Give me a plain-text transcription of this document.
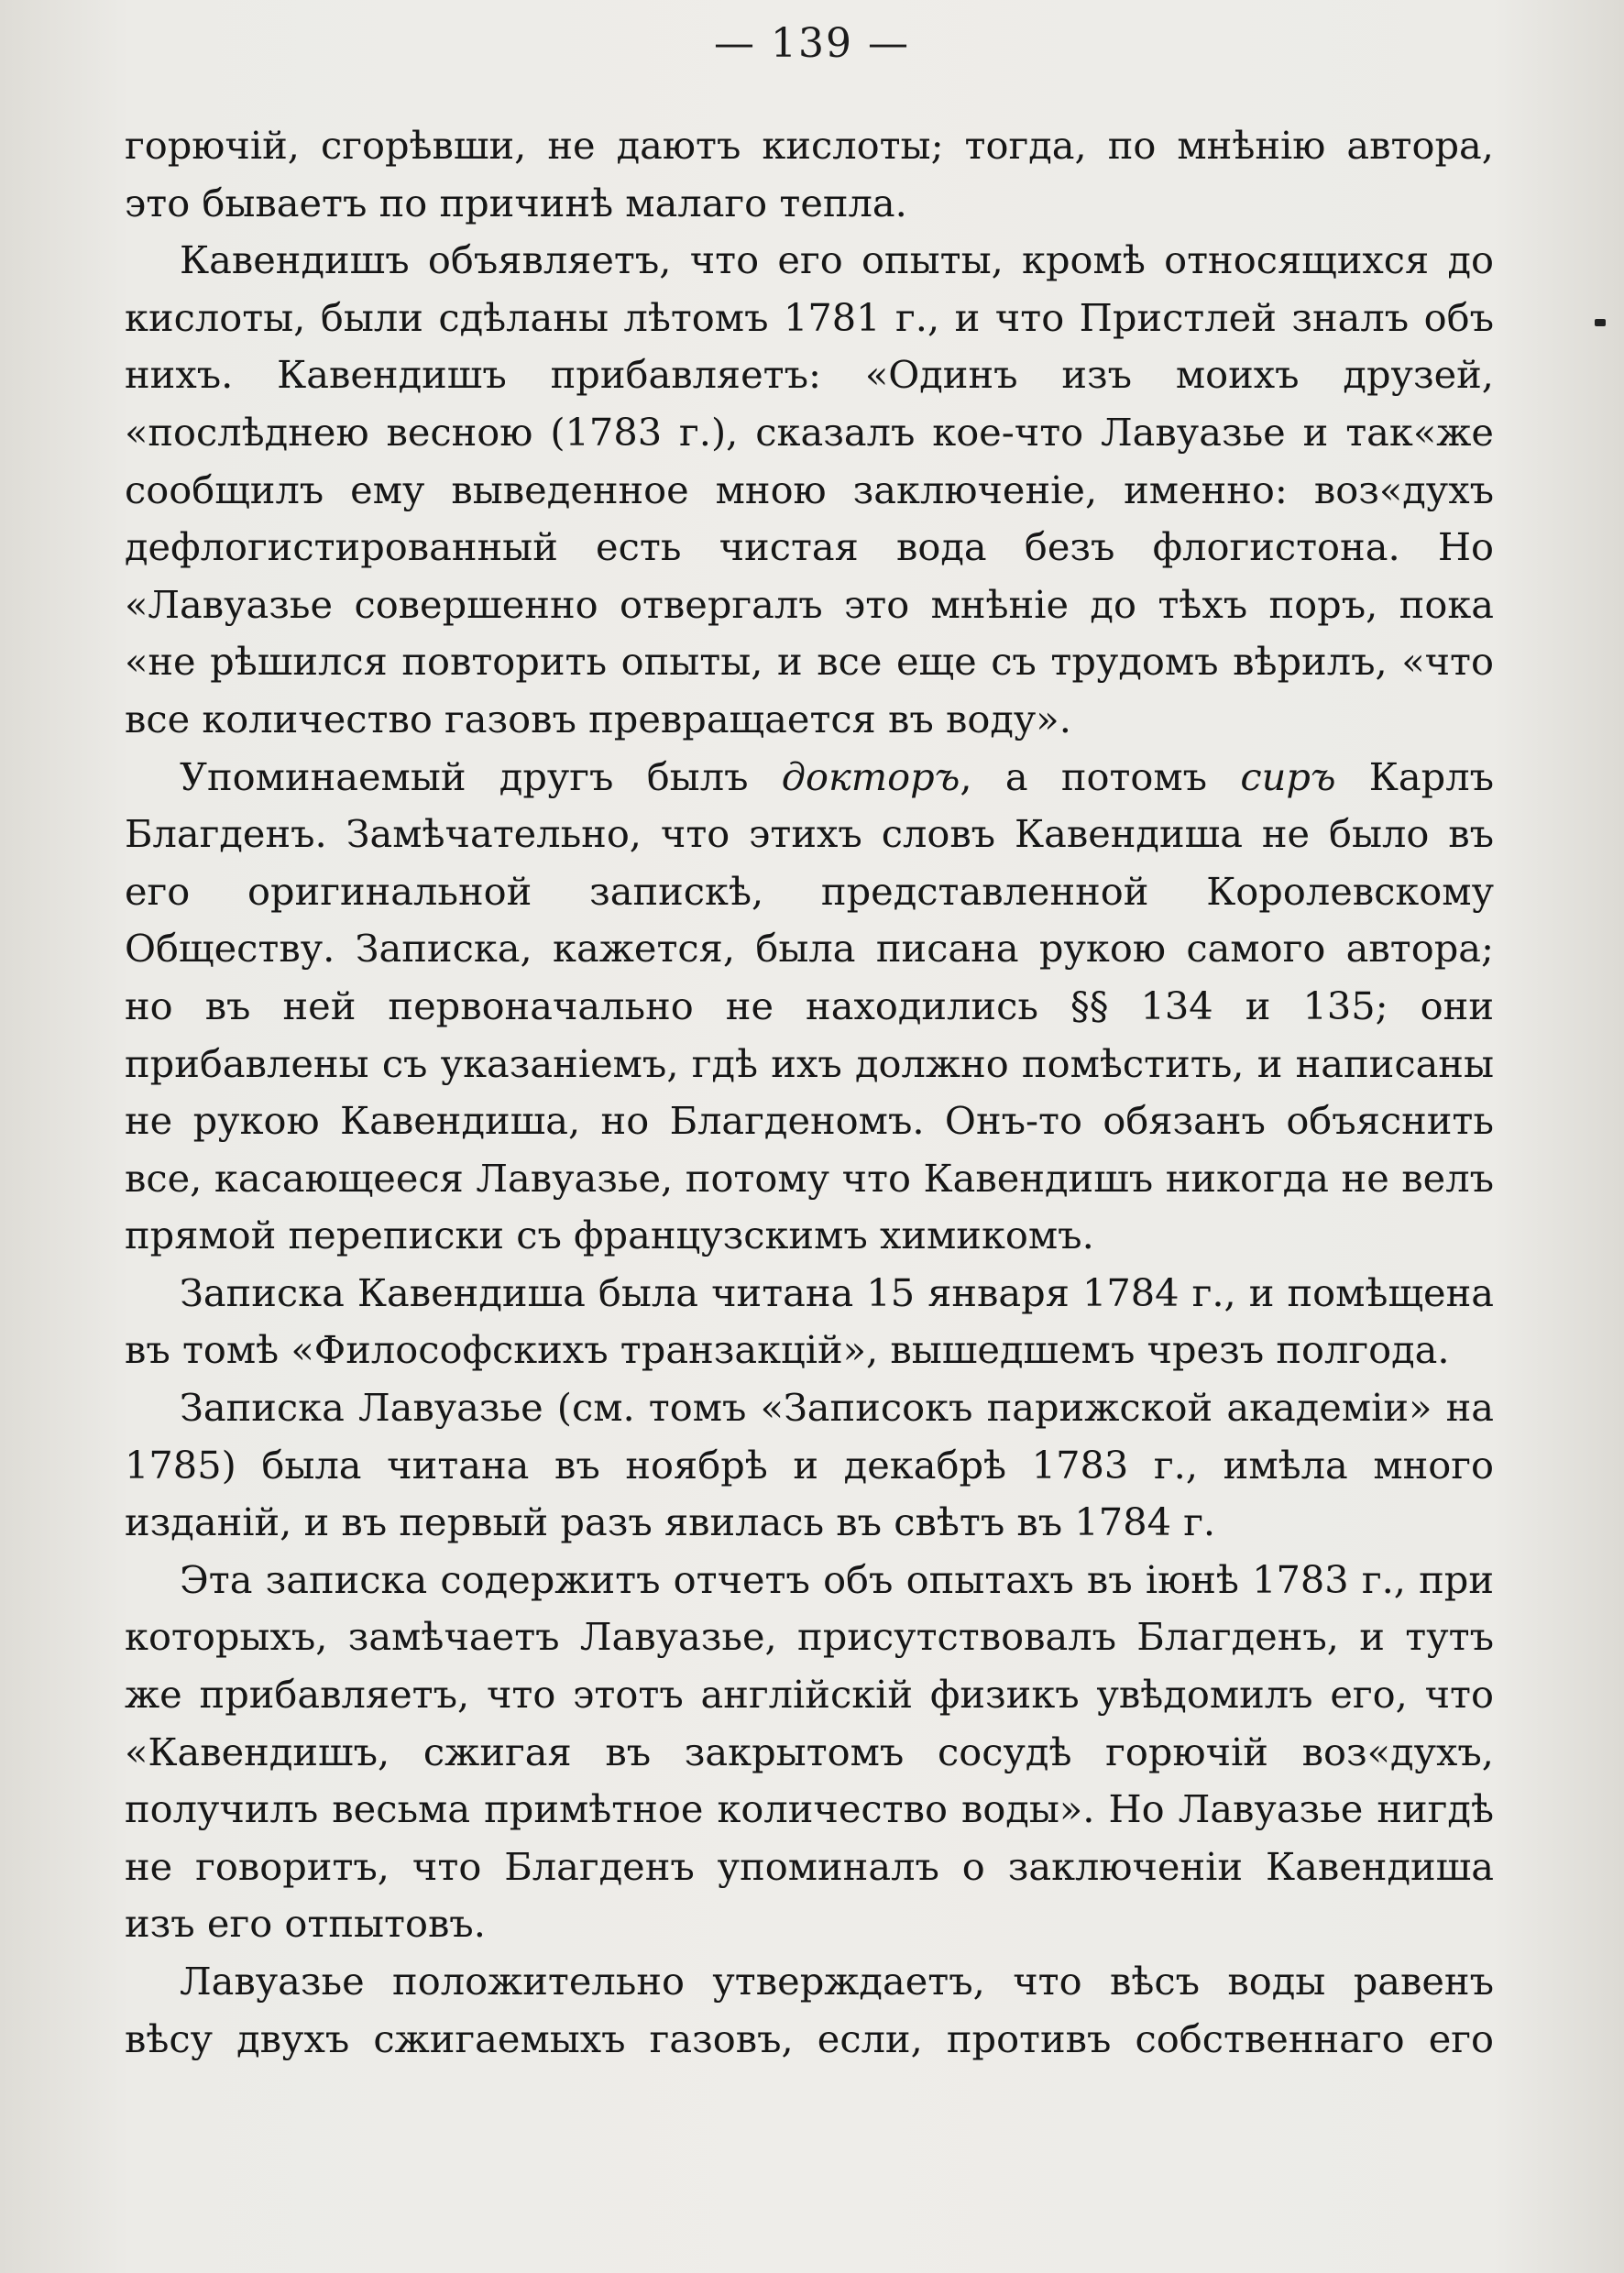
— 139 —

горючій, сгорѣвши, не даютъ кислоты; тогда, по мнѣнію автора, это бываетъ по причинѣ малаго тепла.

Кавендишъ объявляетъ, что его опыты, кромѣ относящихся до кислоты, были сдѣланы лѣтомъ 1781 г., и что Пристлей зналъ объ нихъ. Кавендишъ прибавляетъ: «Одинъ изъ моихъ друзей, «послѣднею весною (1783 г.), сказалъ кое-что Лавуазье и так«же сообщилъ ему выведенное мною заключеніе, именно: воз«духъ дефлогистированный есть чистая вода безъ флогистона. Но «Лавуазье совершенно отвергалъ это мнѣніе до тѣхъ поръ, пока «не рѣшился повторить опыты, и все еще съ трудомъ вѣрилъ, «что все количество газовъ превращается въ воду».

Упоминаемый другъ былъ докторъ, а потомъ сиръ Карлъ Благденъ. Замѣчательно, что этихъ словъ Кавендиша не было въ его оригинальной запискѣ, представленной Королевскому Обществу. Записка, кажется, была писана рукою самого автора; но въ ней первоначально не находились §§ 134 и 135; они прибавлены съ указаніемъ, гдѣ ихъ должно помѣстить, и написаны не рукою Кавендиша, но Благденомъ. Онъ-то обязанъ объяснить все, касающееся Лавуазье, потому что Кавендишъ никогда не велъ прямой переписки съ французскимъ химикомъ.

Записка Кавендиша была читана 15 января 1784 г., и помѣщена въ томѣ «Философскихъ транзакцій», вышедшемъ чрезъ полгода.

Записка Лавуазье (см. томъ «Записокъ парижской академіи» на 1785) была читана въ ноябрѣ и декабрѣ 1783 г., имѣла много изданій, и въ первый разъ явилась въ свѣтъ въ 1784 г.

Эта записка содержитъ отчетъ объ опытахъ въ іюнѣ 1783 г., при которыхъ, замѣчаетъ Лавуазье, присутствовалъ Благденъ, и тутъ же прибавляетъ, что этотъ англійскій физикъ увѣдомилъ его, что «Кавендишъ, сжигая въ закрытомъ сосудѣ горючій воз«духъ, получилъ весьма примѣтное количество воды». Но Лавуазье нигдѣ не говоритъ, что Благденъ упоминалъ о заключеніи Кавендиша изъ его отпытовъ.

Лавуазье положительно утверждаетъ, что вѣсъ воды равенъ вѣсу двухъ сжигаемыхъ газовъ, если, противъ собственнаго его
